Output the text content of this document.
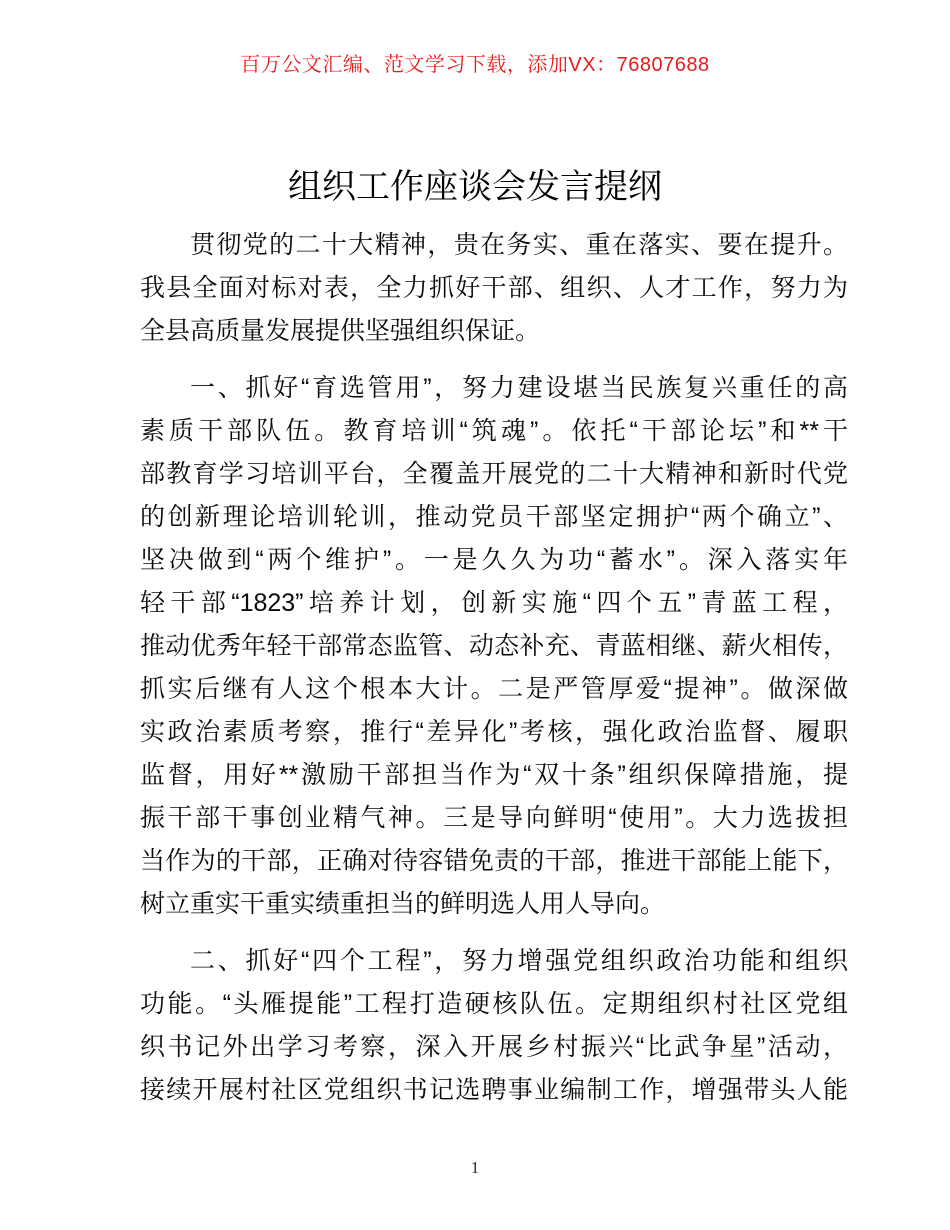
百万公文汇编、范文学习下载，添加VX：76807688
组织工作座谈会发言提纲
贯彻党的二十大精神，贵在务实、重在落实、要在提升。
我县全面对标对表，全力抓好干部、组织、人才工作，努力为
全县高质量发展提供坚强组织保证。
一、抓好“育选管用”，努力建设堪当民族复兴重任的高
素质干部队伍。教育培训“筑魂”。依托“干部论坛”和**干
部教育学习培训平台，全覆盖开展党的二十大精神和新时代党
的创新理论培训轮训，推动党员干部坚定拥护“两个确立”、
坚决做到“两个维护”。一是久久为功“蓄水”。深入落实年
轻干部“1823”培养计划，创新实施“四个五”青蓝工程，
推动优秀年轻干部常态监管、动态补充、青蓝相继、薪火相传，
抓实后继有人这个根本大计。二是严管厚爱“提神”。做深做
实政治素质考察，推行“差异化”考核，强化政治监督、履职
监督，用好**激励干部担当作为“双十条”组织保障措施，提
振干部干事创业精气神。三是导向鲜明“使用”。大力选拔担
当作为的干部，正确对待容错免责的干部，推进干部能上能下，
树立重实干重实绩重担当的鲜明选人用人导向。
二、抓好“四个工程”，努力增强党组织政治功能和组织
功能。“头雁提能”工程打造硬核队伍。定期组织村社区党组
织书记外出学习考察，深入开展乡村振兴“比武争星”活动，
接续开展村社区党组织书记选聘事业编制工作，增强带头人能
1
